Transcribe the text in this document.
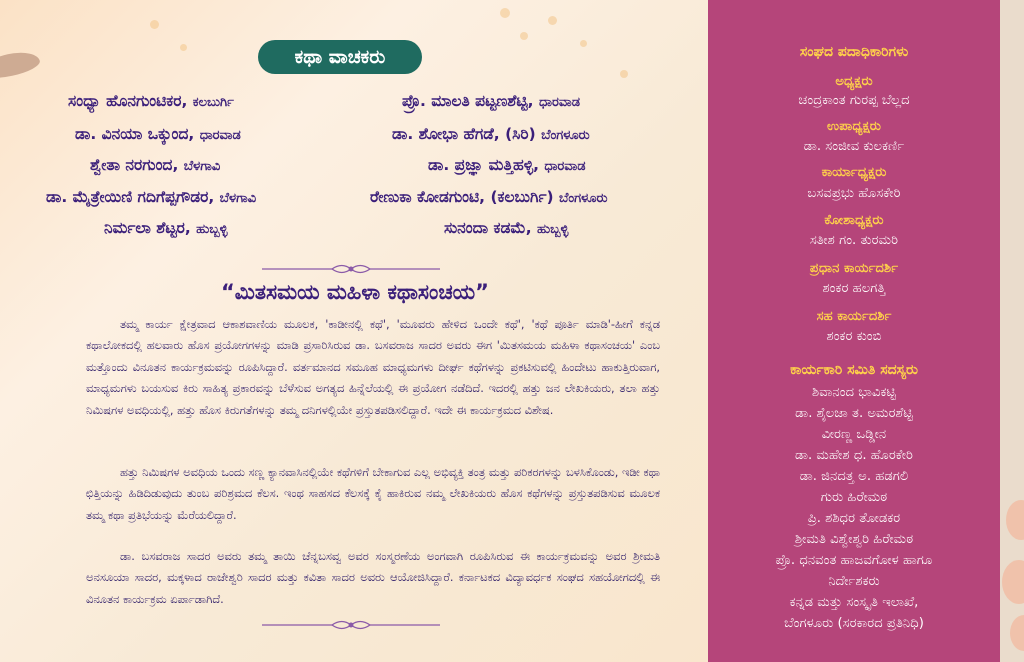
ಕಥಾ ವಾಚಕರು
ಸಂಧ್ಯಾ ಹೊನಗುಂಟಿಕರ, ಕಲಬುರ್ಗಿ
ಡಾ. ವಿನಯಾ ಒಕ್ಕುಂದ, ಧಾರವಾಡ
ಶ್ವೇತಾ ನರಗುಂದ, ಬೆಳಗಾವಿ
ಡಾ. ಮೈತ್ರೇಯಿಣಿ ಗದಿಗೆಪ್ಪಗೌಡರ, ಬೆಳಗಾವಿ
ನಿರ್ಮಲಾ ಶೆಟ್ಟರ, ಹುಬ್ಬಳ್ಳಿ
ಪ್ರೊ. ಮಾಲತಿ ಪಟ್ಟಣಶೆಟ್ಟಿ, ಧಾರವಾಡ
ಡಾ. ಶೋಭಾ ಹೆಗಡೆ, (ಸಿರಿ) ಬೆಂಗಳೂರು
ಡಾ. ಪ್ರಜ್ಞಾ ಮತ್ತಿಹಳ್ಳಿ, ಧಾರವಾಡ
ರೇಣುಕಾ ಕೋಡಗುಂಟಿ, (ಕಲಬುರ್ಗಿ) ಬೆಂಗಳೂರು
ಸುನಂದಾ ಕಡಮೆ, ಹುಬ್ಬಳ್ಳಿ
“ಮಿತಸಮಯ ಮಹಿಳಾ ಕಥಾಸಂಚಯ”
ತಮ್ಮ ಕಾರ್ಯ ಕ್ಷೇತ್ರವಾದ ಆಕಾಶವಾಣಿಯ ಮೂಲಕ, 'ಕಾಡೀನಲ್ಲಿ ಕಥೆ', 'ಮೂವರು ಹೇಳಿದ ಒಂದೇ ಕಥೆ', 'ಕಥೆ ಪೂರ್ತಿ ಮಾಡಿ'-ಹೀಗೆ ಕನ್ನಡ ಕಥಾಲೋಕದಲ್ಲಿ ಹಲವಾರು ಹೊಸ ಪ್ರಯೋಗಗಳನ್ನು ಮಾಡಿ ಪ್ರಸಾರಿಸಿರುವ ಡಾ. ಬಸವರಾಜ ಸಾದರ ಅವರು ಈಗ 'ಮಿತಸಮಯ ಮಹಿಳಾ ಕಥಾಸಂಚಯ' ಎಂಬ ಮತ್ತೊಂದು ವಿನೂತನ ಕಾರ್ಯಕ್ರಮವನ್ನು ರೂಪಿಸಿದ್ದಾರೆ. ವರ್ತಮಾನದ ಸಮೂಹ ಮಾಧ್ಯಮಗಳು ದೀರ್ಘ ಕಥೆಗಳನ್ನು ಪ್ರಕಟಿಸುವಲ್ಲಿ ಹಿಂದೇಟು ಹಾಕುತ್ತಿರುವಾಗ, ಮಾಧ್ಯಮಗಳು ಬಯಸುವ ಕಿರು ಸಾಹಿತ್ಯ ಪ್ರಕಾರವನ್ನು ಬೆಳೆಸುವ ಅಗತ್ಯದ ಹಿನ್ನೆಲೆಯಲ್ಲಿ ಈ ಪ್ರಯೋಗ ನಡೆದಿದೆ. ಇದರಲ್ಲಿ ಹತ್ತು ಜನ ಲೇಖಕಿಯರು, ತಲಾ ಹತ್ತು ನಿಮಿಷಗಳ ಅವಧಿಯಲ್ಲಿ, ಹತ್ತು ಹೊಸ ಕಿರುಗತೆಗಳನ್ನು ತಮ್ಮ ದನಿಗಳಲ್ಲಿಯೇ ಪ್ರಸ್ತುತಪಡಿಸಲಿದ್ದಾರೆ. ಇದೇ ಈ ಕಾರ್ಯಕ್ರಮದ ವಿಶೇಷ.
ಹತ್ತು ನಿಮಿಷಗಳ ಅವಧಿಯ ಒಂದು ಸಣ್ಣ ಕ್ಯಾನವಾಸಿನಲ್ಲಿಯೇ ಕಥೆಗಳಿಗೆ ಬೇಕಾಗುವ ಎಲ್ಲ ಅಭಿವ್ಯಕ್ತಿ ತಂತ್ರ ಮತ್ತು ಪರಿಕರಗಳನ್ನು ಬಳಸಿಕೊಂಡು, ಇಡೀ ಕಥಾ ಛಿತ್ತಿಯನ್ನು ಹಿಡಿದಿಡುವುದು ತುಂಬ ಪರಿಶ್ರಮದ ಕೆಲಸ. ಇಂಥ ಸಾಹಸದ ಕೆಲಸಕ್ಕೆ ಕೈ ಹಾಕಿರುವ ನಮ್ಮ ಲೇಖಕಿಯರು ಹೊಸ ಕಥೆಗಳನ್ನು ಪ್ರಸ್ತುತಪಡಿಸುವ ಮೂಲಕ ತಮ್ಮ ಕಥಾ ಪ್ರತಿಭೆಯನ್ನು ಮೆರೆಯಲಿದ್ದಾರೆ.
ಡಾ. ಬಸವರಾಜ ಸಾದರ ಅವರು ತಮ್ಮ ತಾಯಿ ಚೆನ್ನಬಸವ್ವ ಅವರ ಸಂಸ್ಮರಣೆಯ ಅಂಗವಾಗಿ ರೂಪಿಸಿರುವ ಈ ಕಾರ್ಯಕ್ರಮವನ್ನು ಅವರ ಶ್ರೀಮತಿ ಅನಸೂಯಾ ಸಾದರ, ಮಕ್ಕಳಾದ ರಾಜೇಶ್ವರಿ ಸಾದರ ಮತ್ತು ಕವಿತಾ ಸಾದರ ಅವರು ಆಯೋಜಿಸಿದ್ದಾರೆ. ಕರ್ನಾಟಕದ ವಿದ್ಯಾವರ್ಧಕ ಸಂಘದ ಸಹಯೋಗದಲ್ಲಿ ಈ ವಿನೂತನ ಕಾರ್ಯಕ್ರಮ ಏರ್ಪಾಡಾಗಿದೆ.
ಸಂಘದ ಪದಾಧಿಕಾರಿಗಳು
ಅಧ್ಯಕ್ಷರು
ಚಂದ್ರಕಾಂತ ಗುರಪ್ಪ ಬೆಲ್ಲದ
ಉಪಾಧ್ಯಕ್ಷರು
ಡಾ. ಸಂಜೀವ ಕುಲಕರ್ಣಿ
ಕಾರ್ಯಾಧ್ಯಕ್ಷರು
ಬಸವಪ್ರಭು ಹೊಸಕೇರಿ
ಕೋಶಾಧ್ಯಕ್ಷರು
ಸತೀಶ ಗಂ. ತುರಮರಿ
ಪ್ರಧಾನ ಕಾರ್ಯದರ್ಶಿ
ಶಂಕರ ಹಲಗತ್ತಿ
ಸಹ ಕಾರ್ಯದರ್ಶಿ
ಶಂಕರ ಕುಂಬಿ
ಕಾರ್ಯಕಾರಿ ಸಮಿತಿ ಸದಸ್ಯರು
ಶಿವಾನಂದ ಭಾವಿಕಟ್ಟಿ
ಡಾ. ಶೈಲಜಾ ತ. ಅಮರಶೆಟ್ಟಿ
ವೀರಣ್ಣ ಒಡ್ಡೀನ
ಡಾ. ಮಹೇಶ ಧ. ಹೊರಕೇರಿ
ಡಾ. ಜಿನದತ್ತ ಅ. ಹಡಗಲಿ
ಗುರು ಹಿರೇಮಠ
ಪ್ರಿ. ಶಶಿಧರ ತೋಡಕರ
ಶ್ರೀಮತಿ ವಿಶ್ವೇಶ್ವರಿ ಹಿರೇಮಠ
ಪ್ರೊ. ಧನವಂತ ಹಾಜವಗೋಳ ಹಾಗೂ
ನಿರ್ದೇಶಕರು
ಕನ್ನಡ ಮತ್ತು ಸಂಸ್ಕೃತಿ ಇಲಾಖೆ,
ಬೆಂಗಳೂರು (ಸರಕಾರದ ಪ್ರತಿನಿಧಿ)
